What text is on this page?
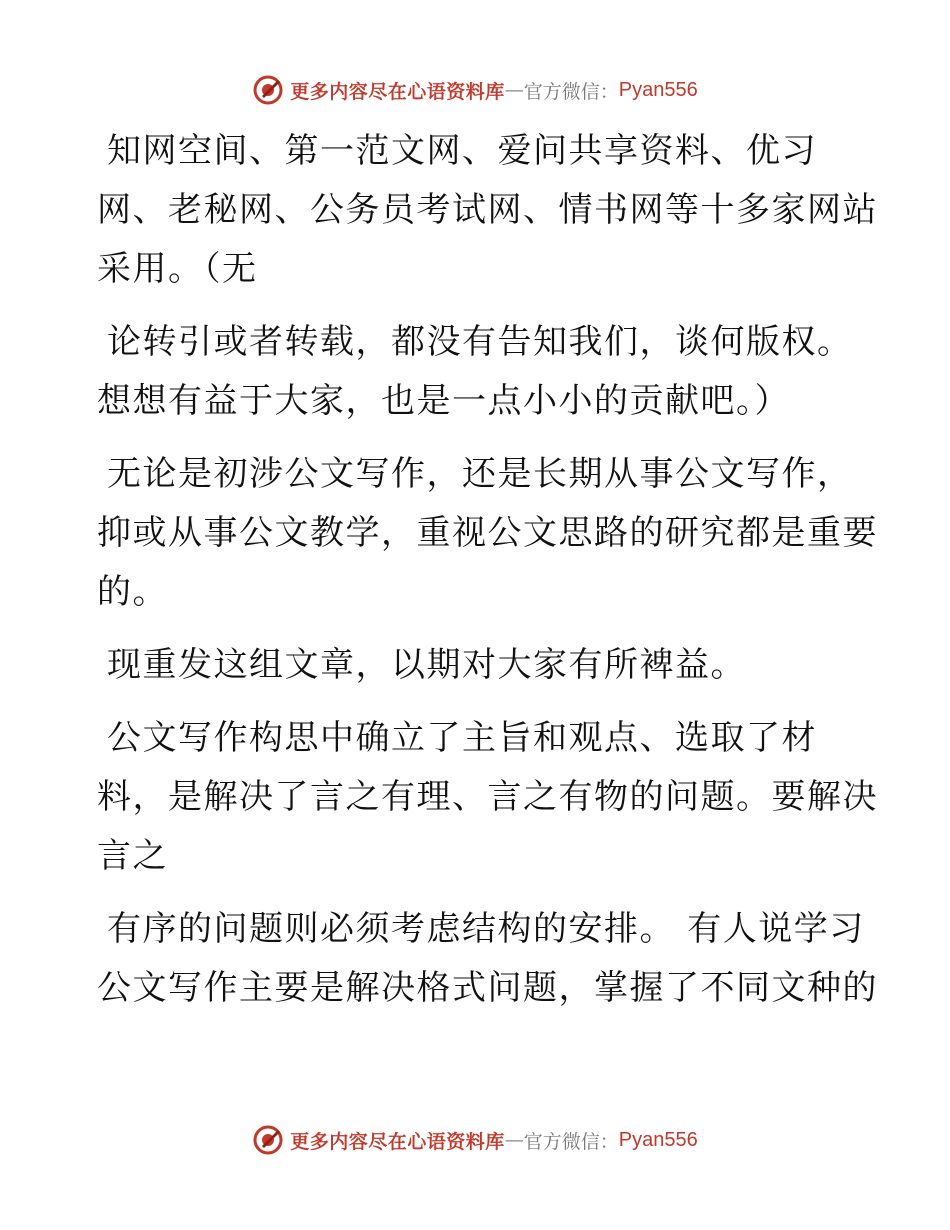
更多内容尽在心语资料库 — 官方微信： Pyan556

知网空间、第一范文网、爱问共享资料、优习
网、老秘网、公务员考试网、情书网等十多家网站
采用。（无

论转引或者转载，都没有告知我们，谈何版权。
想想有益于大家，也是一点小小的贡献吧。）

无论是初涉公文写作，还是长期从事公文写作，
抑或从事公文教学，重视公文思路的研究都是重要
的。

现重发这组文章，以期对大家有所裨益。

公文写作构思中确立了主旨和观点、选取了材
料，是解决了言之有理、言之有物的问题。要解决
言之

有序的问题则必须考虑结构的安排。 有人说学习
公文写作主要是解决格式问题，掌握了不同文种的

更多内容尽在心语资料库 — 官方微信： Pyan556
